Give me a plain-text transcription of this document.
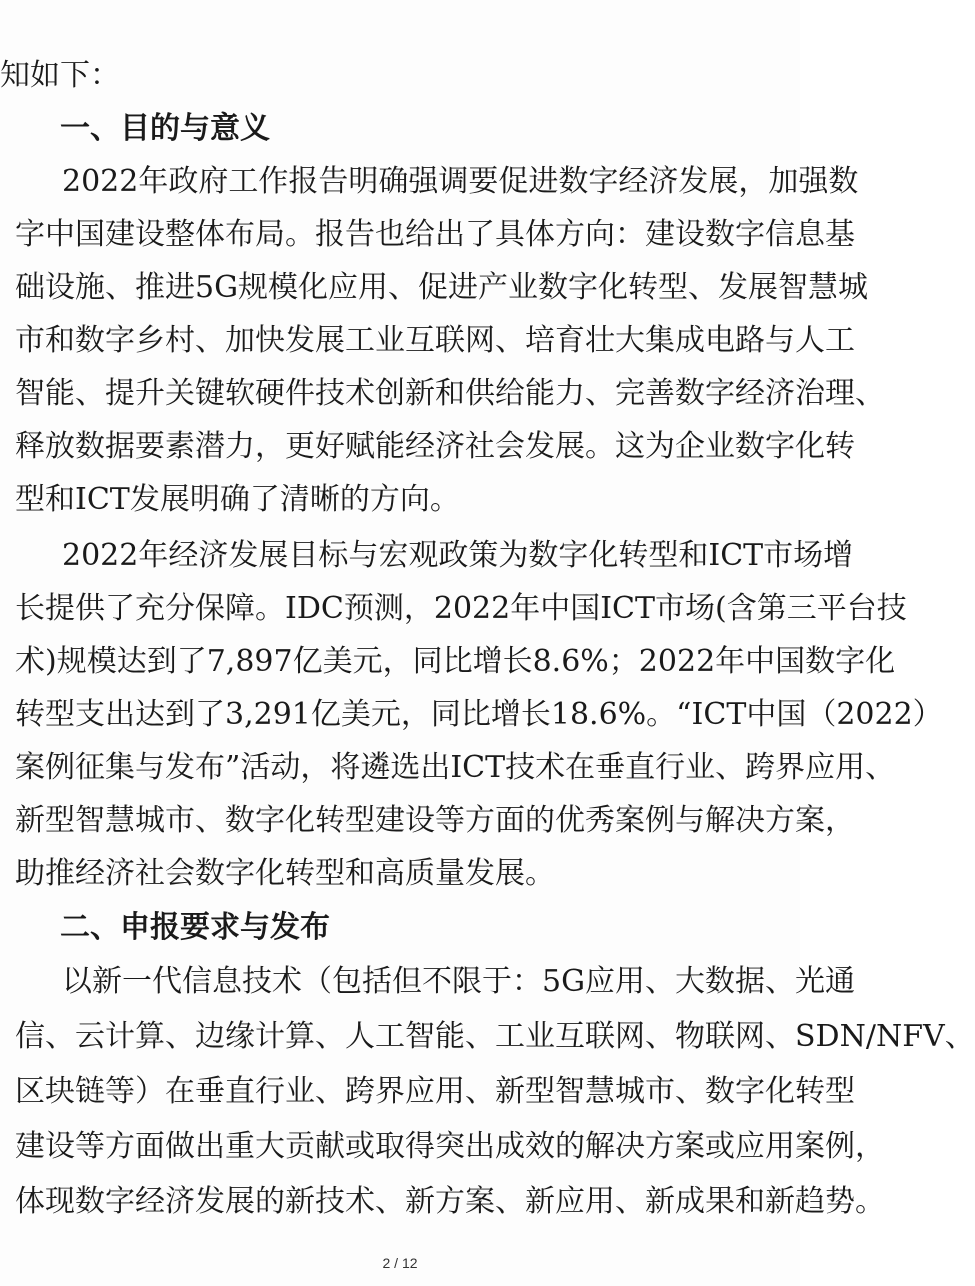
知如下：
一、目的与意义
2022年政府工作报告明确强调要促进数字经济发展，加强数
字中国建设整体布局。报告也给出了具体方向：建设数字信息基
础设施、推进5G规模化应用、促进产业数字化转型、发展智慧城
市和数字乡村、加快发展工业互联网、培育壮大集成电路与人工
智能、提升关键软硬件技术创新和供给能力、完善数字经济治理、
释放数据要素潜力，更好赋能经济社会发展。这为企业数字化转
型和ICT发展明确了清晰的方向。
2022年经济发展目标与宏观政策为数字化转型和ICT市场增
长提供了充分保障。IDC预测，2022年中国ICT市场(含第三平台技
术)规模达到了7,897亿美元，同比增长8.6%；2022年中国数字化
转型支出达到了3,291亿美元，同比增长18.6%。“ICT中国（2022）
案例征集与发布”活动，将遴选出ICT技术在垂直行业、跨界应用、
新型智慧城市、数字化转型建设等方面的优秀案例与解决方案，
助推经济社会数字化转型和高质量发展。
二、申报要求与发布
以新一代信息技术（包括但不限于：5G应用、大数据、光通
信、云计算、边缘计算、人工智能、工业互联网、物联网、SDN/NFV、
区块链等）在垂直行业、跨界应用、新型智慧城市、数字化转型
建设等方面做出重大贡献或取得突出成效的解决方案或应用案例，
体现数字经济发展的新技术、新方案、新应用、新成果和新趋势。
2 / 12
